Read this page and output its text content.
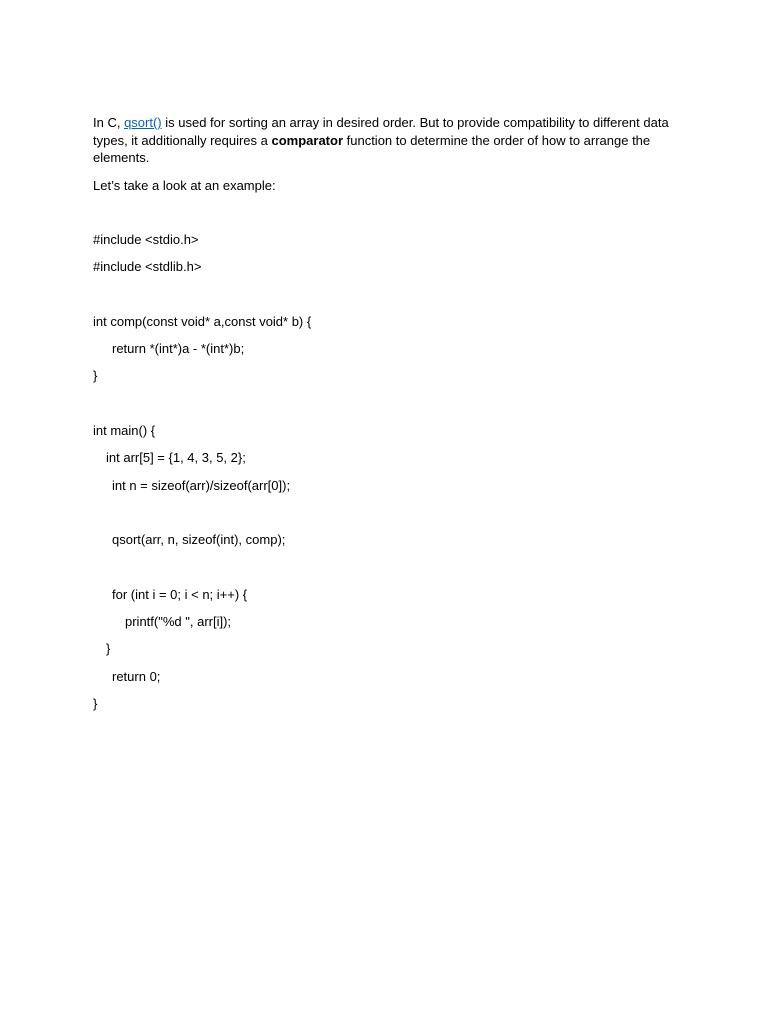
In C, qsort() is used for sorting an array in desired order. But to provide compatibility to different data types, it additionally requires a comparator function to determine the order of how to arrange the elements.

Let’s take a look at an example:

#include <stdio.h>
#include <stdlib.h>
int comp(const void* a,const void* b) {
return *(int*)a - *(int*)b;
}
int main() {
int arr[5] = {1, 4, 3, 5, 2};
int n = sizeof(arr)/sizeof(arr[0]);
qsort(arr, n, sizeof(int), comp);
for (int i = 0; i < n; i++) {
printf("%d ", arr[i]);
}
return 0;
}
